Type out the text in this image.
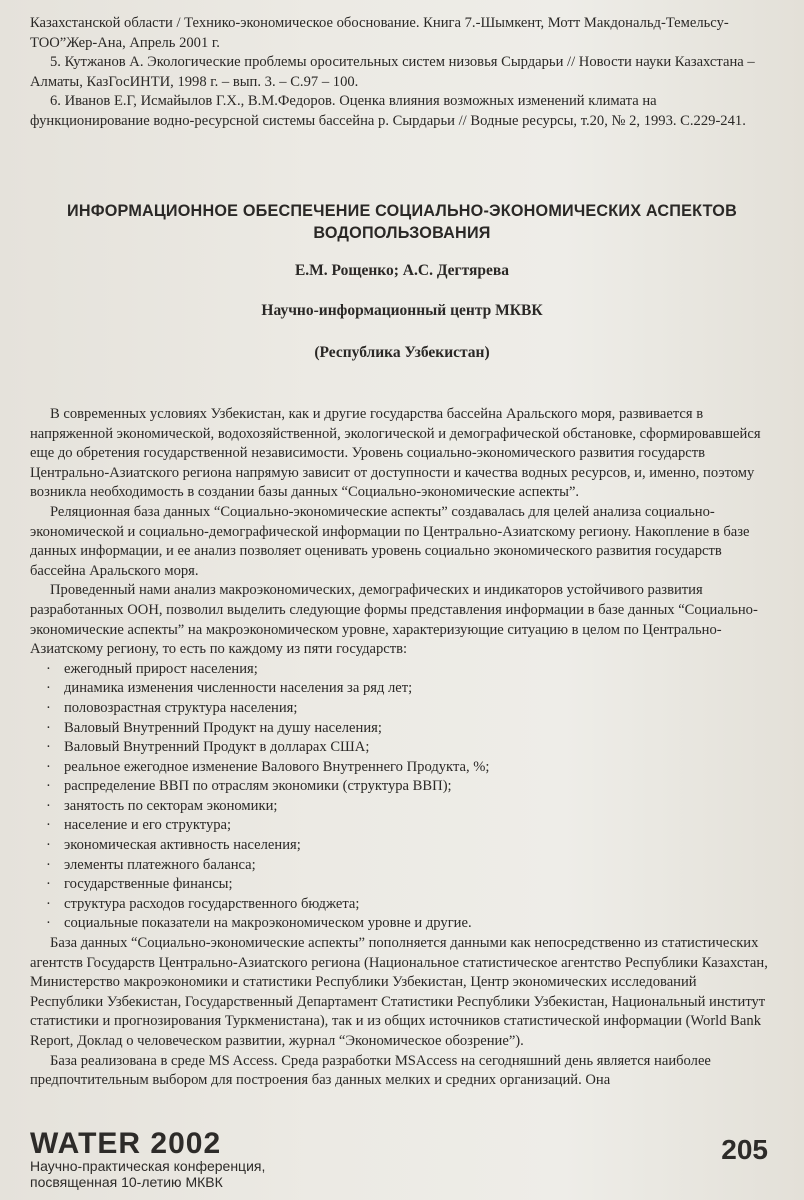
Казахстанской области / Технико-экономическое обоснование. Книга 7.-Шымкент, Мотт Макдональд-Темельсу-ТОО”Жер-Ана, Апрель 2001 г.

5. Кутжанов А. Экологические проблемы оросительных систем низовья Сырдарьи // Новости науки Казахстана – Алматы, КазГосИНТИ, 1998 г. – вып. 3. – С.97 – 100.

6. Иванов Е.Г, Исмайылов Г.Х., В.М.Федоров. Оценка влияния возможных изменений климата на функционирование водно-ресурсной системы бассейна р. Сырдарьи // Водные ресурсы, т.20, № 2, 1993. С.229-241.

ИНФОРМАЦИОННОЕ ОБЕСПЕЧЕНИЕ СОЦИАЛЬНО-ЭКОНОМИЧЕСКИХ АСПЕКТОВ ВОДОПОЛЬЗОВАНИЯ
Е.М. Рощенко; А.С. Дегтярева
Научно-информационный центр МКВК
(Республика Узбекистан)

В современных условиях Узбекистан, как и другие государства бассейна Аральского моря, развивается в напряженной экономической, водохозяйственной, экологической и демографической обстановке, сформировавшейся еще до обретения государственной независимости. Уровень социально-экономического развития государств Центрально-Азиатского региона напрямую зависит от доступности и качества водных ресурсов, и, именно, поэтому возникла необходимость в создании базы данных “Социально-экономические аспекты”.

Реляционная база данных “Социально-экономические аспекты” создавалась для целей анализа социально-экономической и социально-демографической информации по Центрально-Азиатскому региону. Накопление в базе данных информации, и ее анализ позволяет оценивать уровень социально экономического развития государств бассейна Аральского моря.

Проведенный нами анализ макроэкономических, демографических и индикаторов устойчивого развития разработанных ООН, позволил выделить следующие формы представления информации в базе данных “Социально-экономические аспекты” на макроэкономическом уровне, характеризующие ситуацию в целом по Центрально-Азиатскому региону, то есть по каждому из пяти государств:

· ежегодный прирост населения;
· динамика изменения численности населения за ряд лет;
· половозрастная структура населения;
· Валовый Внутренний Продукт на душу населения;
· Валовый Внутренний Продукт в долларах США;
· реальное ежегодное изменение Валового Внутреннего Продукта, %;
· распределение ВВП по отраслям экономики (структура ВВП);
· занятость по секторам экономики;
· население и его структура;
· экономическая активность населения;
· элементы платежного баланса;
· государственные финансы;
· структура расходов государственного бюджета;
· социальные показатели на макроэкономическом уровне и другие.

База данных “Социально-экономические аспекты” пополняется данными как непосредственно из статистических агентств Государств Центрально-Азиатского региона (Национальное статистическое агентство Республики Казахстан, Министерство макроэкономики и статистики Республики Узбекистан, Центр экономических исследований Республики Узбекистан, Государственный Департамент Статистики Республики Узбекистан, Национальный институт статистики и прогнозирования Туркменистана), так и из общих источников статистической информации (World Bank Report, Доклад о человеческом развитии, журнал “Экономическое обозрение”).

База реализована в среде MS Access. Среда разработки MSAccess на сегодняшний день является наиболее предпочтительным выбором для построения баз данных мелких и средних организаций. Она

WATER 2002
Научно-практическая конференция,
посвященная 10-летию МКВК
205
